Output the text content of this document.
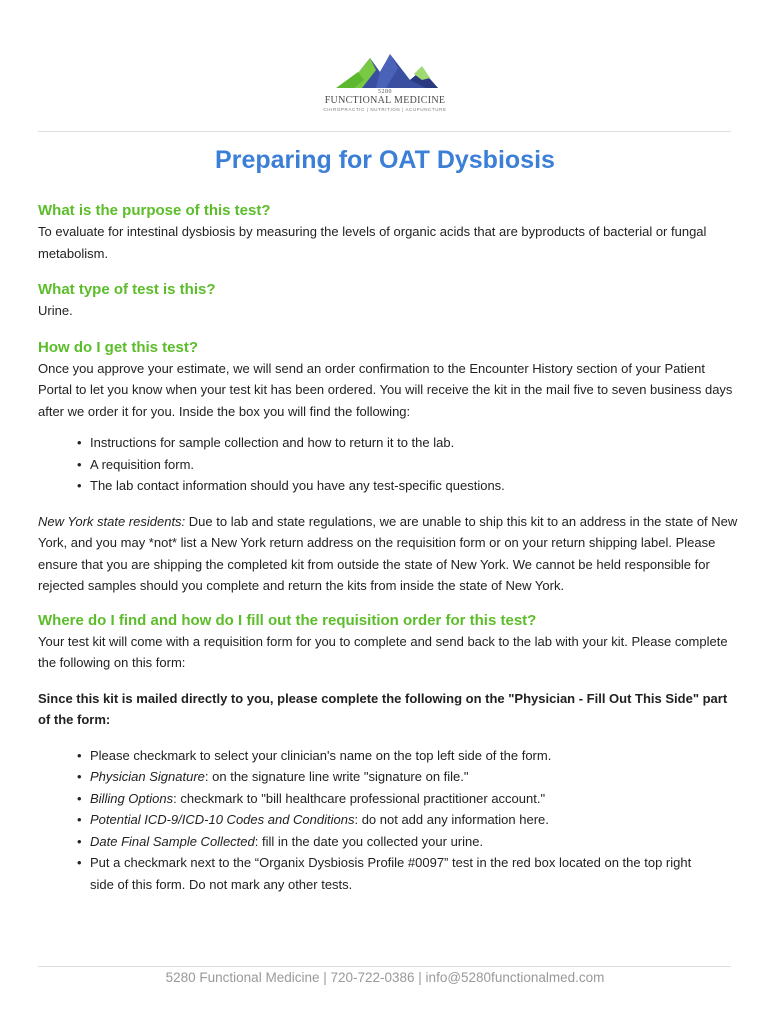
5280
FUNCTIONAL MEDICINE
CHIROPRACTIC | NUTRITION | ACUPUNCTURE
Preparing for OAT Dysbiosis
What is the purpose of this test?

To evaluate for intestinal dysbiosis by measuring the levels of organic acids that are byproducts of bacterial or fungal metabolism.

What type of test is this?

Urine.

How do I get this test?

Once you approve your estimate, we will send an order confirmation to the Encounter History section of your Patient Portal to let you know when your test kit has been ordered. You will receive the kit in the mail five to seven business days after we order it for you. Inside the box you will find the following:

• Instructions for sample collection and how to return it to the lab.
• A requisition form.
• The lab contact information should you have any test-specific questions.

New York state residents: Due to lab and state regulations, we are unable to ship this kit to an address in the state of New York, and you may *not* list a New York return address on the requisition form or on your return shipping label. Please ensure that you are shipping the completed kit from outside the state of New York. We cannot be held responsible for rejected samples should you complete and return the kits from inside the state of New York.

Where do I find and how do I fill out the requisition order for this test?

Your test kit will come with a requisition form for you to complete and send back to the lab with your kit. Please complete the following on this form:

Since this kit is mailed directly to you, please complete the following on the "Physician - Fill Out This Side" part of the form:

• Please checkmark to select your clinician's name on the top left side of the form.
• Physician Signature: on the signature line write "signature on file."
• Billing Options: checkmark to "bill healthcare professional practitioner account."
• Potential ICD-9/ICD-10 Codes and Conditions: do not add any information here.
• Date Final Sample Collected: fill in the date you collected your urine.
• Put a checkmark next to the “Organix Dysbiosis Profile #0097” test in the red box located on the top right side of this form. Do not mark any other tests.
5280 Functional Medicine | 720-722-0386 | info@5280functionalmed.com
